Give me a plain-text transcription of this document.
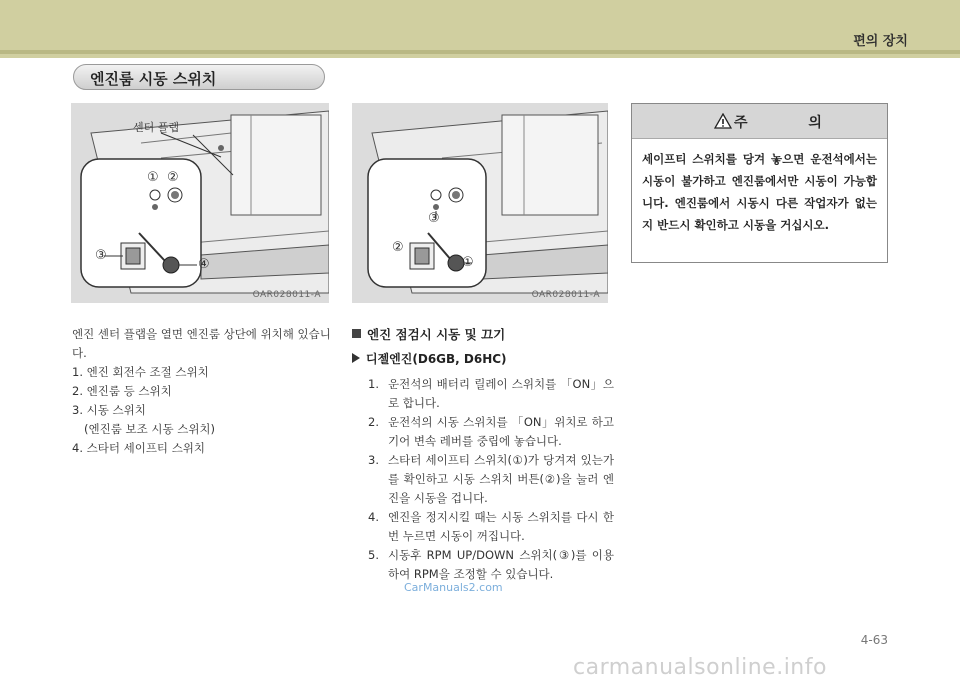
편의 장치
엔진룸 시동 스위치
센터 플랩
① ②
③
④
OAR028011-A
③
②
①
OAR028011-A
주 의
세이프티 스위치를 당겨 놓으면 운전석에서는 시동이 불가하고 엔진룸에서만 시동이 가능합니다. 엔진룸에서 시동시 다른 작업자가 없는지 반드시 확인하고 시동을 거십시오.

엔진 센터 플랩을 열면 엔진룸 상단에 위치해 있습니다.

1. 엔진 회전수 조절 스위치

2. 엔진룸 등 스위치

3. 시동 스위치

(엔진룸 보조 시동 스위치)

4. 스타터 세이프티 스위치

엔진 점검시 시동 및 끄기
디젤엔진(D6GB, D6HC)
1. 운전석의 배터리 릴레이 스위치를 「ON」으로 합니다.
2. 운전석의 시동 스위치를 「ON」위치로 하고 기어 변속 레버를 중립에 놓습니다.
3. 스타터 세이프티 스위치(①)가 당겨져 있는가를 확인하고 시동 스위치 버튼(②)을 눌러 엔진을 시동을 겁니다.
4. 엔진을 정지시킬 때는 시동 스위치를 다시 한번 누르면 시동이 꺼집니다.
5. 시동후 RPM UP/DOWN 스위치(③)를 이용하여 RPM을 조정할 수 있습니다.
CarManuals2.com
4-63
carmanualsonline.info
